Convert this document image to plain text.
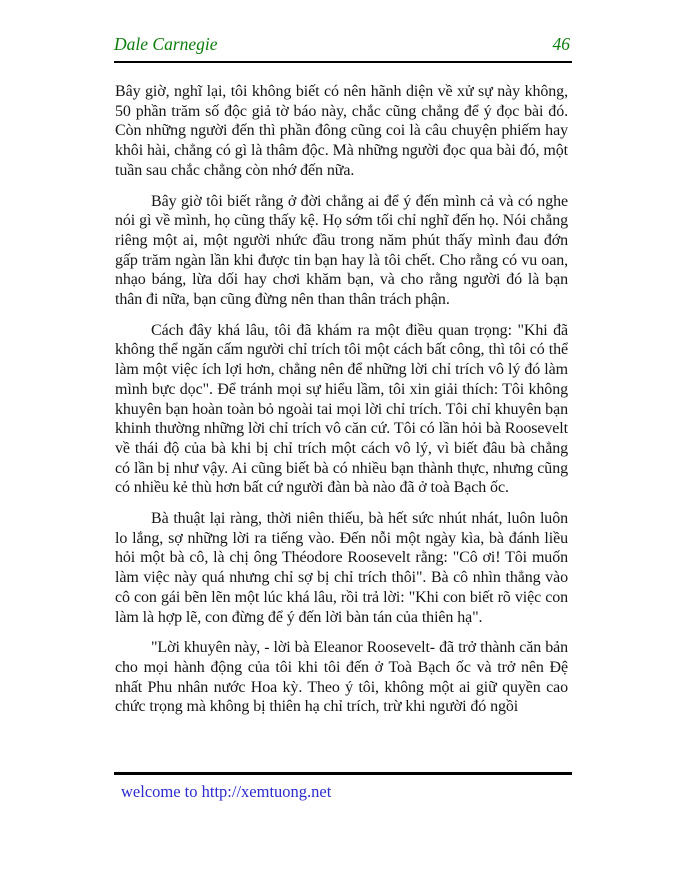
Dale Carnegie	46

Bây giờ, nghĩ lại, tôi không biết có nên hãnh diện về xử sự này không, 50 phần trăm số độc giả tờ báo này, chắc cũng chẳng để ý đọc bài đó. Còn những người đến thì phần đông cũng coi là câu chuyện phiếm hay khôi hài, chẳng có gì là thâm độc. Mà những người đọc qua bài đó, một tuần sau chắc chẳng còn nhớ đến nữa.

Bây giờ tôi biết rằng ở đời chẳng ai để ý đến mình cả và có nghe nói gì về mình, họ cũng thấy kệ. Họ sớm tối chỉ nghĩ đến họ. Nói chẳng riêng một ai, một người nhức đầu trong năm phút thấy mình đau đớn gấp trăm ngàn lần khi được tin bạn hay là tôi chết. Cho rằng có vu oan, nhạo báng, lừa dối hay chơi khăm bạn, và cho rằng người đó là bạn thân đi nữa, bạn cũng đừng nên than thân trách phận.

Cách đây khá lâu, tôi đã khám ra một điều quan trọng: "Khi đã không thể ngăn cấm người chỉ trích tôi một cách bất công, thì tôi có thể làm một việc ích lợi hơn, chẳng nên để những lời chỉ trích vô lý đó làm mình bực dọc". Để tránh mọi sự hiểu lầm, tôi xin giải thích: Tôi không khuyên bạn hoàn toàn bỏ ngoài tai mọi lời chỉ trích. Tôi chỉ khuyên bạn khinh thường những lời chỉ trích vô căn cứ. Tôi có lần hỏi bà Roosevelt về thái độ của bà khi bị chỉ trích một cách vô lý, vì biết đâu bà chẳng có lần bị như vậy. Ai cũng biết bà có nhiều bạn thành thực, nhưng cũng có nhiều kẻ thù hơn bất cứ người đàn bà nào đã ở toà Bạch ốc.

Bà thuật lại ràng, thời niên thiếu, bà hết sức nhút nhát, luôn luôn lo lắng, sợ những lời ra tiếng vào. Đến nỗi một ngày kìa, bà đánh liều hỏi một bà cô, là chị ông Théodore Roosevelt rằng: "Cô ơi! Tôi muốn làm việc này quá nhưng chỉ sợ bị chỉ trích thôi". Bà cô nhìn thẳng vào cô con gái bẽn lẽn một lúc khá lâu, rồi trả lời: "Khi con biết rõ việc con làm là hợp lẽ, con đừng để ý đến lời bàn tán của thiên hạ".

"Lời khuyên này, - lời bà Eleanor Roosevelt- đã trở thành căn bản cho mọi hành động của tôi khi tôi đến ở Toà Bạch ốc và trở nên Đệ nhất Phu nhân nước Hoa kỳ. Theo ý tôi, không một ai giữ quyền cao chức trọng mà không bị thiên hạ chỉ trích, trừ khi người đó ngồi

welcome to http://xemtuong.net
